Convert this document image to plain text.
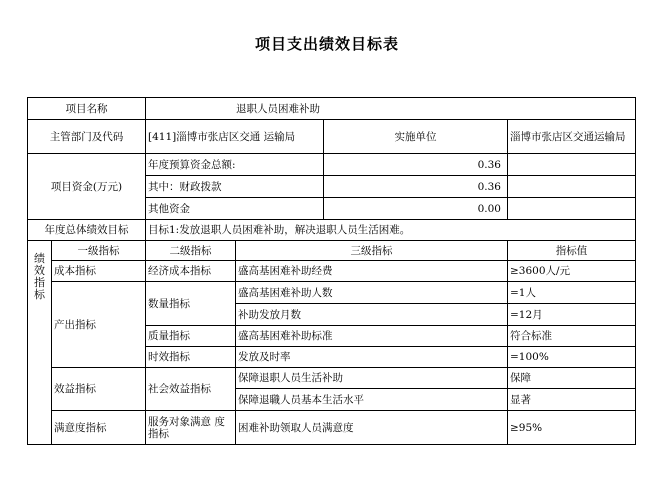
项目支出绩效目标表
项目名称		退职人员困难补助			
主管部门及代码		[411]淄博市张店区交通 运输局		实施单位	淄博市张店区交通运输局
项目资金(万元)		年度预算资金总额:		0.36	
		其中：财政拨款		0.36	
		其他资金		0.00	
年度总体绩效目标		目标1:发放退职人员困难补助，解决退职人员生活困难。			
绩效指标	一级指标	二级指标	三级指标		指标值
	成本指标	经济成本指标	盛高基困难补助经费		≥3600人/元
	产出指标	数量指标	盛高基困难补助人数		=1人
			补助发放月数		=12月
		质量指标	盛高基困难补助标准		符合标准
		时效指标	发放及时率		=100%
	效益指标	社会效益指标	保障退职人员生活补助		保障
			保障退職人员基本生活水平		显著
	满意度指标	服务对象满意 度指标	困难补助领取人员满意度		≥95%
